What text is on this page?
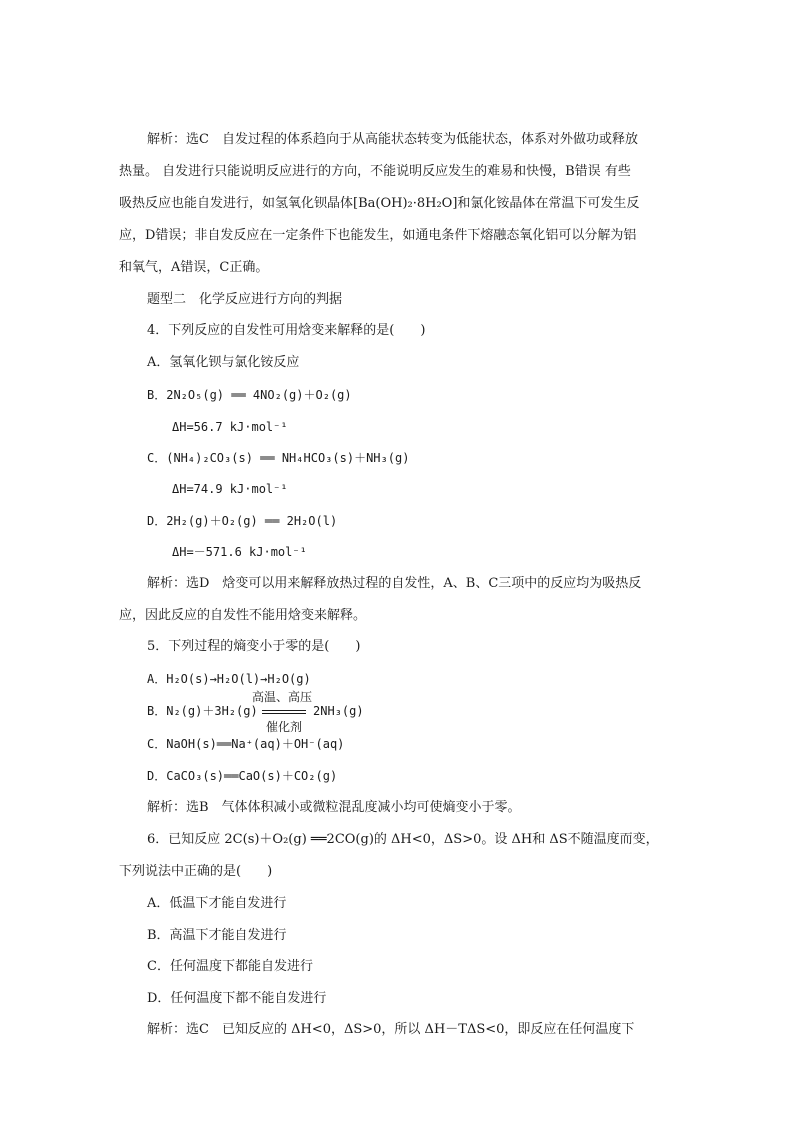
解析：选C　自发过程的体系趋向于从高能状态转变为低能状态，体系对外做功或释放
热量。 自发进行只能说明反应进行的方向，不能说明反应发生的难易和快慢，B错误 有些
吸热反应也能自发进行，如氢氧化钡晶体[Ba(OH)₂·8H₂O]和氯化铵晶体在常温下可发生反
应，D错误；非自发反应在一定条件下也能发生，如通电条件下熔融态氧化铝可以分解为铝
和氧气，A错误，C正确。
题型二　化学反应进行方向的判据
4．下列反应的自发性可用焓变来解释的是(　　)
A．氢氧化钡与氯化铵反应
B．2N₂O₅(g) ══ 4NO₂(g)＋O₂(g)
ΔH=56.7 kJ·mol⁻¹
C．(NH₄)₂CO₃(s) ══ NH₄HCO₃(s)＋NH₃(g)
ΔH=74.9 kJ·mol⁻¹
D．2H₂(g)＋O₂(g) ══ 2H₂O(l)
ΔH=－571.6 kJ·mol⁻¹
解析：选D　焓变可以用来解释放热过程的自发性，A、B、C三项中的反应均为吸热反
应，因此反应的自发性不能用焓变来解释。
5．下列过程的熵变小于零的是(　　)
A．H₂O(s)→H₂O(l)→H₂O(g)
B．N₂(g)＋3H₂(g)
高温、高压
催化剂
2NH₃(g)
C．NaOH(s)══Na⁺(aq)＋OH⁻(aq)
D．CaCO₃(s)══CaO(s)＋CO₂(g)
解析：选B　气体体积减小或微粒混乱度减小均可使熵变小于零。
6．已知反应 2C(s)＋O₂(g) ══2CO(g)的 ΔH<0，ΔS>0。设 ΔH和 ΔS不随温度而变，
下列说法中正确的是(　　)
A．低温下才能自发进行
B．高温下才能自发进行
C．任何温度下都能自发进行
D．任何温度下都不能自发进行
解析：选C　已知反应的 ΔH<0，ΔS>0，所以 ΔH－TΔS<0，即反应在任何温度下
